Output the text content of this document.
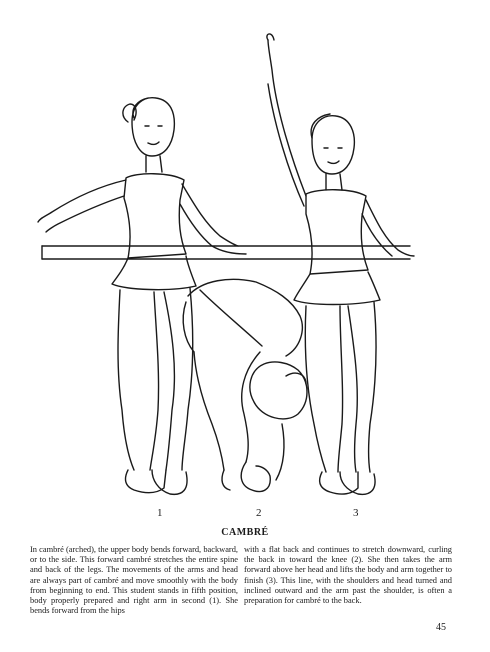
1	2	3
CAMBRÉ
In cambré (arched), the upper body bends forward, backward, or to the side. This forward cambré stretches the entire spine and back of the legs. The movements of the arms and head are always part of cambré and move smoothly with the body from beginning to end. This student stands in fifth position, body properly prepared and right arm in second (1). She bends forward from the hips
with a flat back and continues to stretch downward, curling the back in toward the knee (2). She then takes the arm forward above her head and lifts the body and arm together to finish (3). This line, with the shoulders and head turned and inclined outward and the arm past the shoulder, is often a preparation for cambré to the back.
45
